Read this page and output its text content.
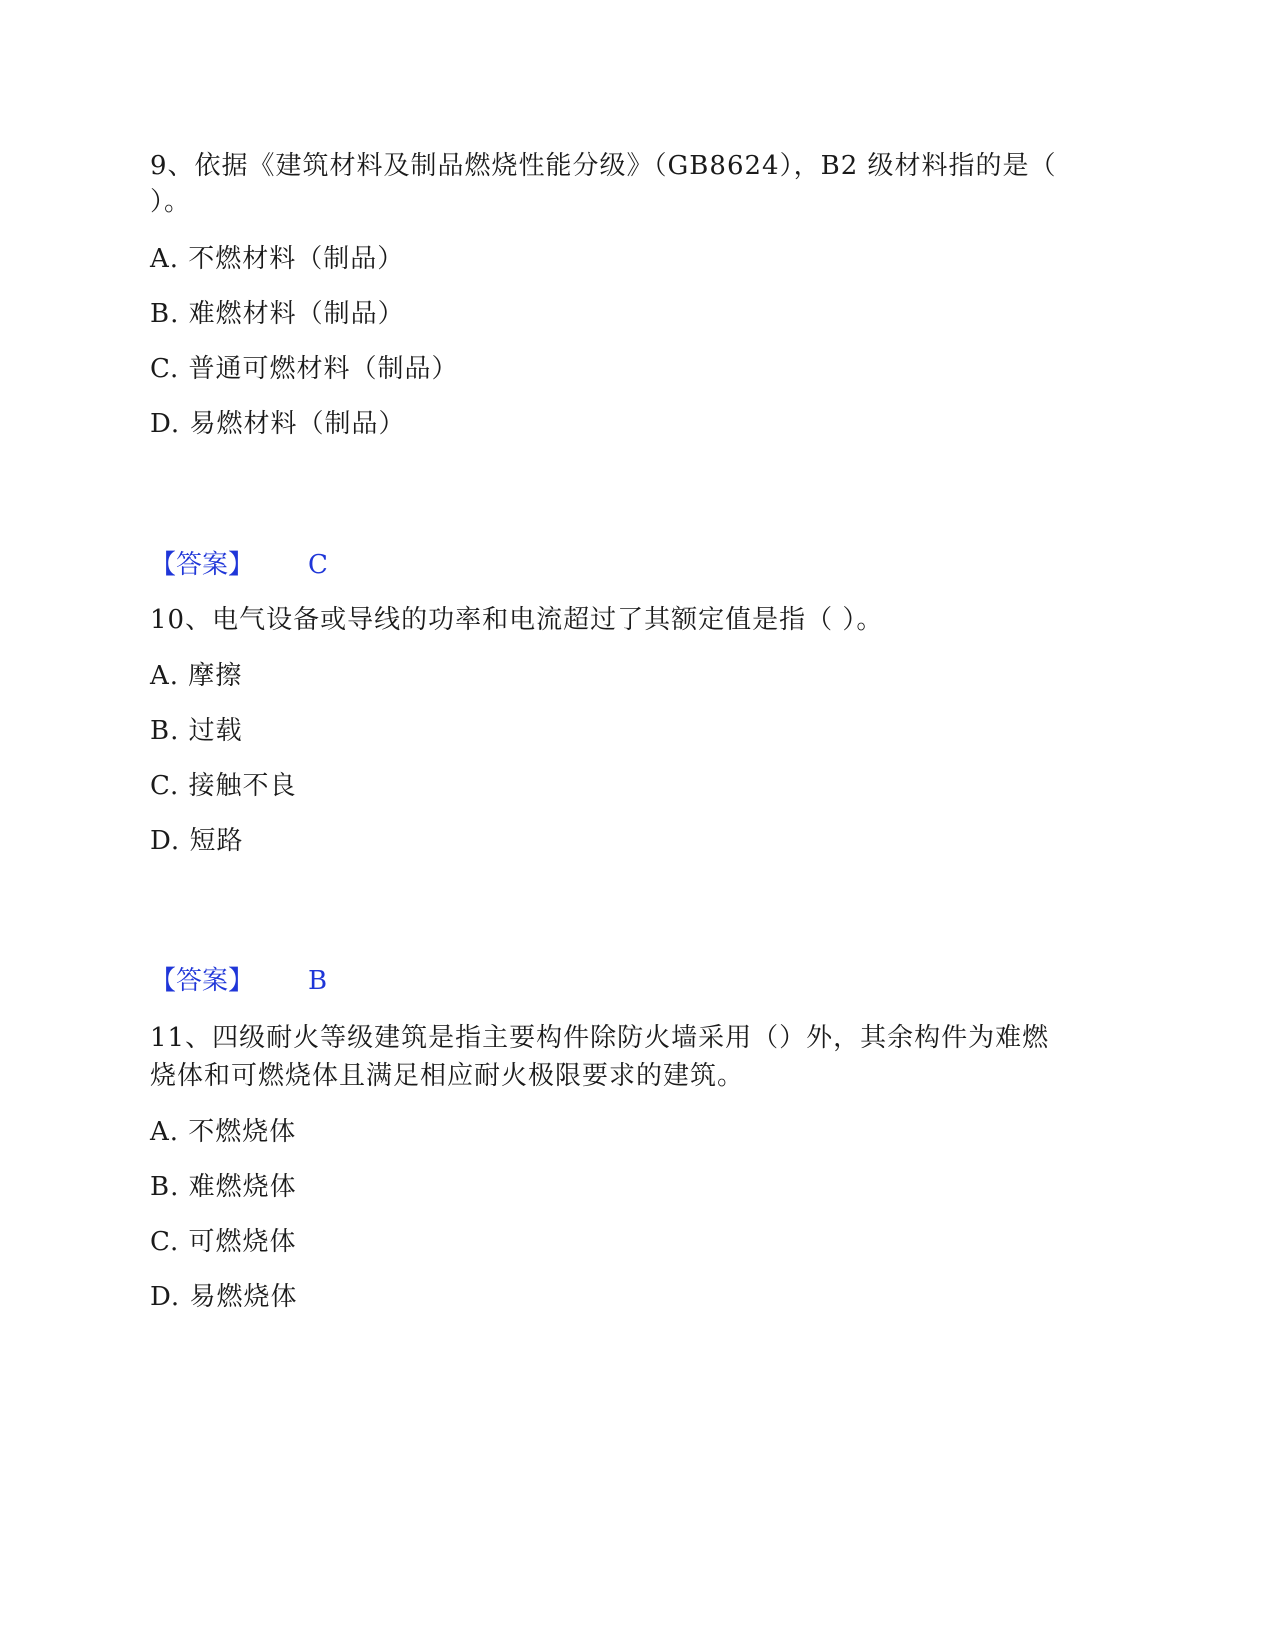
9、依据《建筑材料及制品燃烧性能分级》（GB8624），B2 级材料指的是（
）。
A. 不燃材料（制品）
B. 难燃材料（制品）
C. 普通可燃材料（制品）
D. 易燃材料（制品）
【答案】 C
10、电气设备或导线的功率和电流超过了其额定值是指（ ）。
A. 摩擦
B. 过载
C. 接触不良
D. 短路
【答案】 B
11、四级耐火等级建筑是指主要构件除防火墙采用（）外，其余构件为难燃
烧体和可燃烧体且满足相应耐火极限要求的建筑。
A. 不燃烧体
B. 难燃烧体
C. 可燃烧体
D. 易燃烧体
